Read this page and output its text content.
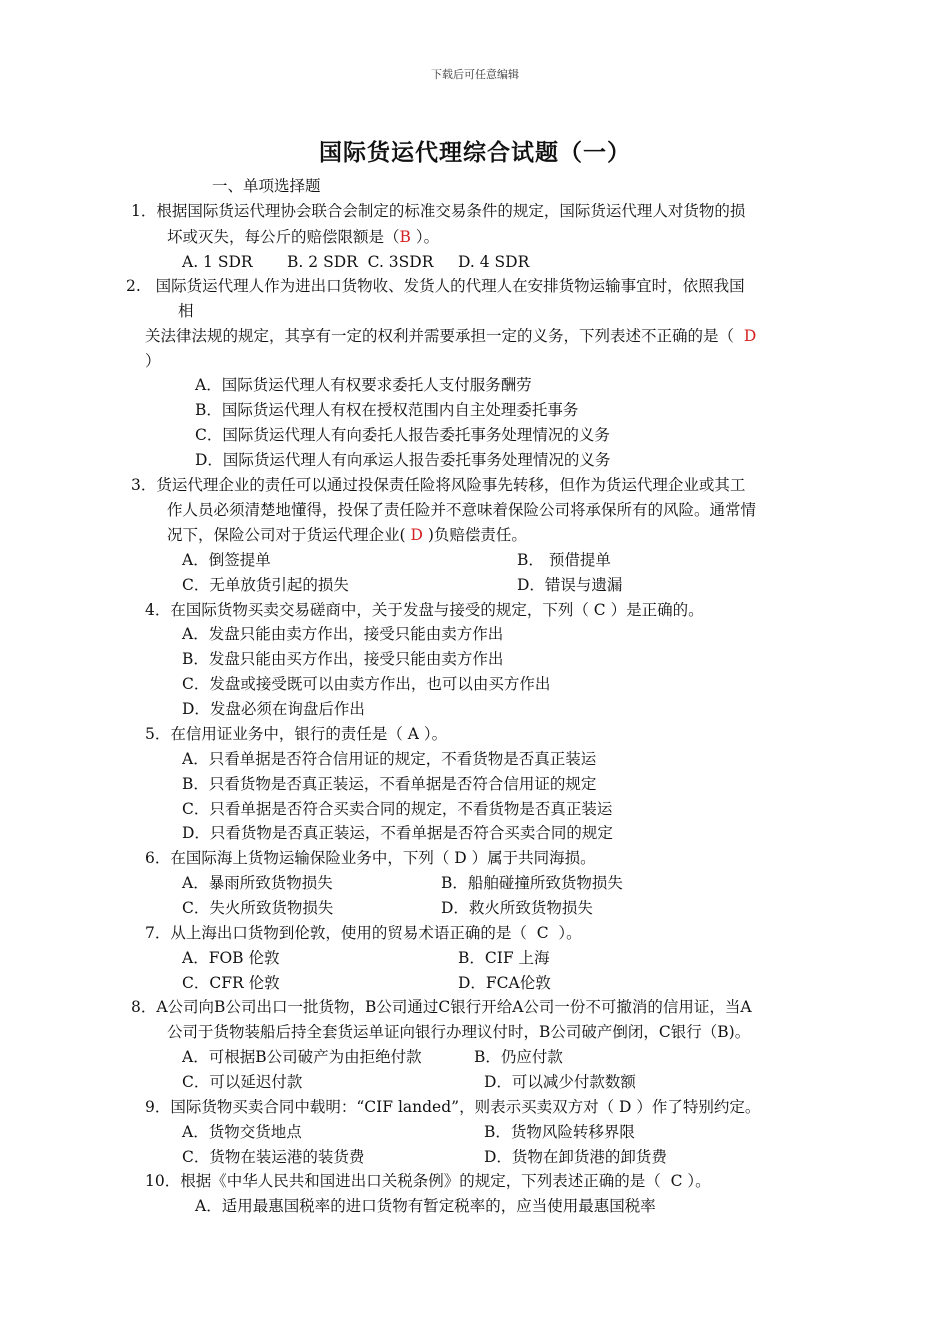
下载后可任意编辑
国际货运代理综合试题（一）
一、单项选择题
1．根据国际货运代理协会联合会制定的标准交易条件的规定，国际货运代理人对货物的损
坏或灭失，每公斤的赔偿限额是（B ）。
A. 1 SDR       B. 2 SDR  C. 3SDR     D. 4 SDR
2.   国际货运代理人作为进出口货物收、发货人的代理人在安排货物运输事宜时，依照我国
相
关法律法规的规定，其享有一定的权利并需要承担一定的义务，下列表述不正确的是（  D
）
A．国际货运代理人有权要求委托人支付服务酬劳
B．国际货运代理人有权在授权范围内自主处理委托事务
C．国际货运代理人有向委托人报告委托事务处理情况的义务
D．国际货运代理人有向承运人报告委托事务处理情况的义务
3．货运代理企业的责任可以通过投保责任险将风险事先转移，但作为货运代理企业或其工
作人员必须清楚地懂得，投保了责任险并不意味着保险公司将承保所有的风险。通常情
况下，保险公司对于货运代理企业( D )负赔偿责任。
A．倒签提单	B． 预借提单
C．无单放货引起的损失	D．错误与遗漏
4．在国际货物买卖交易磋商中，关于发盘与接受的规定，下列（ C ）是正确的。
A．发盘只能由卖方作出，接受只能由卖方作出
B．发盘只能由买方作出，接受只能由卖方作出
C．发盘或接受既可以由卖方作出，也可以由买方作出
D．发盘必须在询盘后作出
5．在信用证业务中，银行的责任是（ A ）。
A．只看单据是否符合信用证的规定，不看货物是否真正装运
B．只看货物是否真正装运，不看单据是否符合信用证的规定
C．只看单据是否符合买卖合同的规定，不看货物是否真正装运
D．只看货物是否真正装运，不看单据是否符合买卖合同的规定
6．在国际海上货物运输保险业务中，下列（ D ）属于共同海损。
A．暴雨所致货物损失	B．船舶碰撞所致货物损失
C．失火所致货物损失	D．救火所致货物损失
7．从上海出口货物到伦敦，使用的贸易术语正确的是（  C  ）。
A．FOB 伦敦	B．CIF 上海
C．CFR 伦敦	D．FCA伦敦
8．A公司向B公司出口一批货物，B公司通过C银行开给A公司一份不可撤消的信用证，当A
公司于货物装船后持全套货运单证向银行办理议付时，B公司破产倒闭，C银行（B)。
A．可根据B公司破产为由拒绝付款	B．仍应付款
C．可以延迟付款	D．可以减少付款数额
9．国际货物买卖合同中载明：“CIF landed”，则表示买卖双方对（ D ）作了特别约定。
A．货物交货地点	B．货物风险转移界限
C．货物在装运港的装货费	D．货物在卸货港的卸货费
10．根据《中华人民共和国进出口关税条例》的规定，下列表述正确的是（  C ）。
A．适用最惠国税率的进口货物有暂定税率的，应当使用最惠国税率
